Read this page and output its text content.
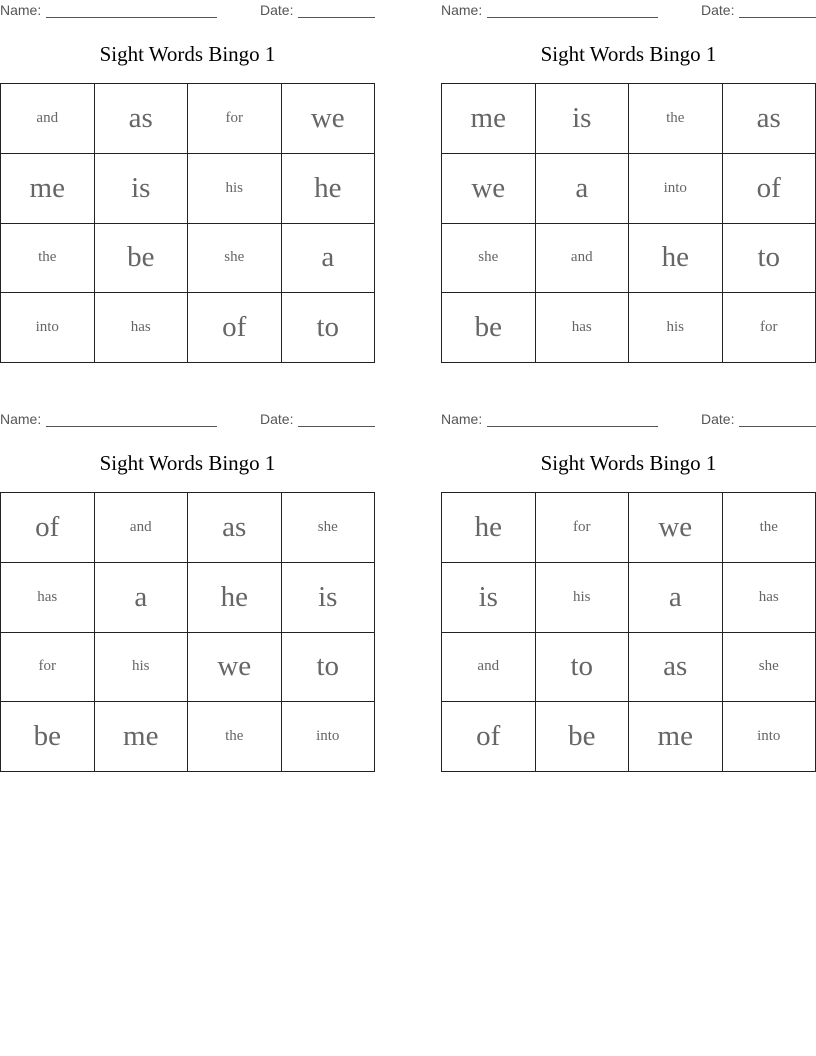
Name:	Date:
Sight Words Bingo 1
and	as	for	we
me	is	his	he
the	be	she	a
into	has	of	to
Name:	Date:
Sight Words Bingo 1
me	is	the	as
we	a	into	of
she	and	he	to
be	has	his	for
Name:	Date:
Sight Words Bingo 1
of	and	as	she
has	a	he	is
for	his	we	to
be	me	the	into
Name:	Date:
Sight Words Bingo 1
he	for	we	the
is	his	a	has
and	to	as	she
of	be	me	into
